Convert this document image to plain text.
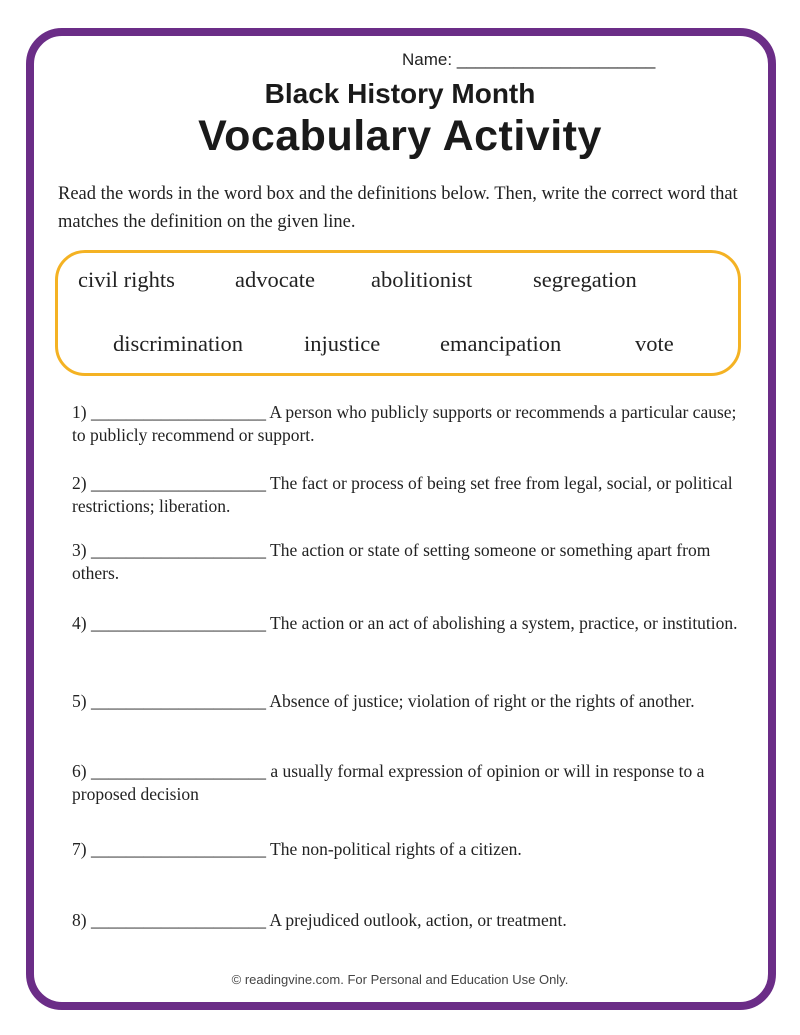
Name: _____________________
Black History Month
Vocabulary Activity
Read the words in the word box and the definitions below. Then, write the correct word that matches the definition on the given line.
civil rights	advocate abolitionist	segregation
discrimination	injustice	emancipation	vote
1) ____________________ A person who publicly supports or recommends a particular cause; to publicly recommend or support.
2) ____________________ The fact or process of being set free from legal, social, or political restrictions; liberation.
3) ____________________ The action or state of setting someone or something apart from others.
4) ____________________ The action or an act of abolishing a system, practice, or institution.
5) ____________________ Absence of justice; violation of right or the rights of another.
6) ____________________ a usually formal expression of opinion or will in response to a proposed decision
7) ____________________ The non-political rights of a citizen.
8) ____________________ A prejudiced outlook, action, or treatment.
© readingvine.com. For Personal and Education Use Only.
